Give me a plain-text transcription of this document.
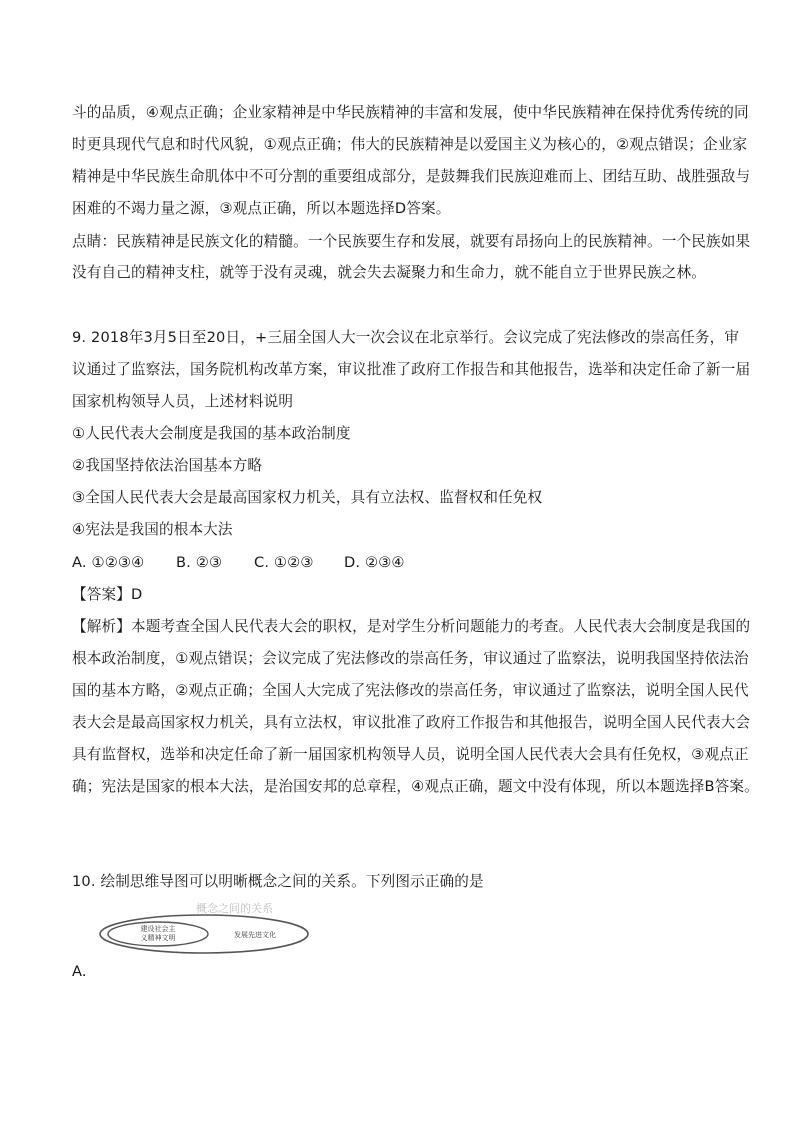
斗的品质，④观点正确；企业家精神是中华民族精神的丰富和发展，使中华民族精神在保持优秀传统的同
时更具现代气息和时代风貌，①观点正确；伟大的民族精神是以爱国主义为核心的，②观点错误；企业家
精神是中华民族生命肌体中不可分割的重要组成部分，是鼓舞我们民族迎难而上、团结互助、战胜强敌与
困难的不竭力量之源，③观点正确，所以本题选择D答案。
点睛：民族精神是民族文化的精髓。一个民族要生存和发展，就要有昂扬向上的民族精神。一个民族如果
没有自己的精神支柱，就等于没有灵魂，就会失去凝聚力和生命力，就不能自立于世界民族之林。
9. 2018年3月5日至20日，+三届全国人大一次会议在北京举行。会议完成了宪法修改的崇高任务，审
议通过了监察法，国务院机构改革方案，审议批准了政府工作报告和其他报告，选举和决定任命了新一届
国家机构领导人员，上述材料说明
①人民代表大会制度是我国的基本政治制度
②我国坚持依法治国基本方略
③全国人民代表大会是最高国家权力机关，具有立法权、监督权和任免权
④宪法是我国的根本大法
A. ①②③④ B. ②③ C. ①②③ D. ②③④
【答案】D
【解析】本题考查全国人民代表大会的职权，是对学生分析问题能力的考查。人民代表大会制度是我国的
根本政治制度，①观点错误；会议完成了宪法修改的崇高任务，审议通过了监察法，说明我国坚持依法治
国的基本方略，②观点正确；全国人大完成了宪法修改的崇高任务，审议通过了监察法，说明全国人民代
表大会是最高国家权力机关，具有立法权，审议批准了政府工作报告和其他报告，说明全国人民代表大会
具有监督权，选举和决定任命了新一届国家机构领导人员，说明全国人民代表大会具有任免权，③观点正
确；宪法是国家的根本大法，是治国安邦的总章程，④观点正确，题文中没有体现，所以本题选择B答案。
10. 绘制思维导图可以明晰概念之间的关系。下列图示正确的是
概念之间的关系
建设社会主
义精神文明	发展先进文化
A.
